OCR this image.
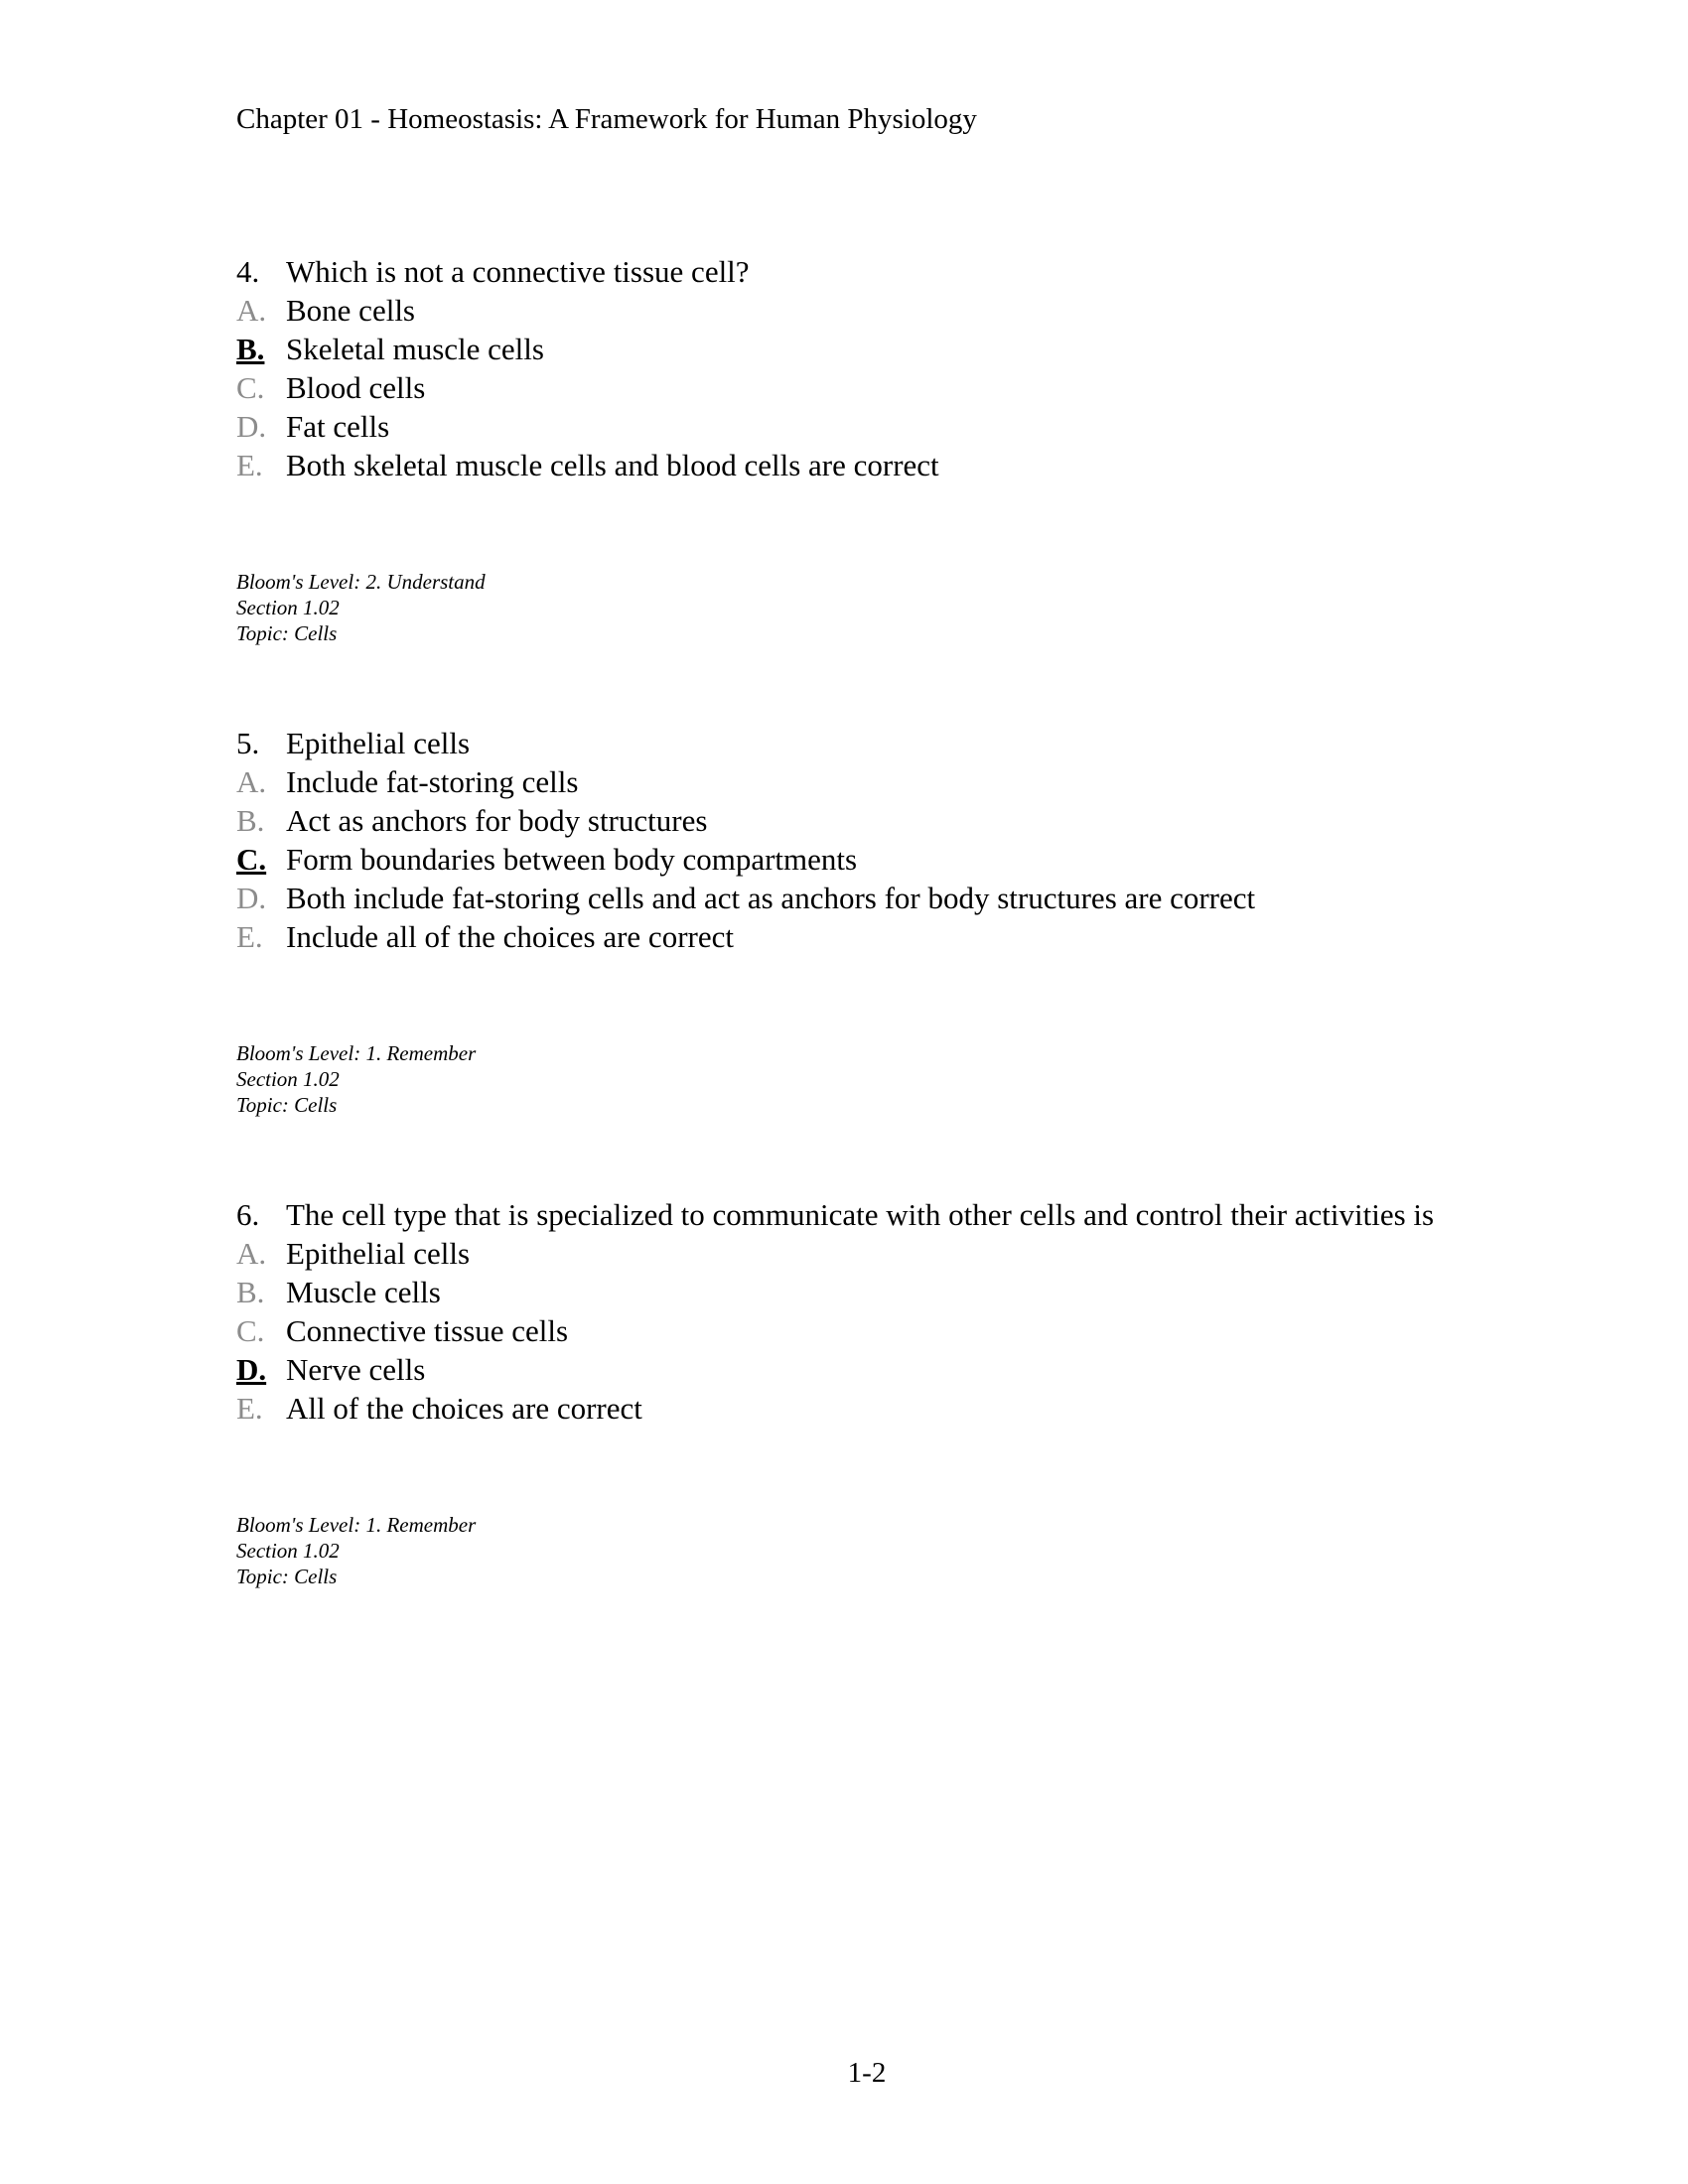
Chapter 01 - Homeostasis: A Framework for Human Physiology

4. Which is not a connective tissue cell?

A. Bone cells
B. Skeletal muscle cells
C. Blood cells
D. Fat cells
E. Both skeletal muscle cells and blood cells are correct
Bloom's Level: 2. Understand
Section 1.02
Topic: Cells

5. Epithelial cells

A. Include fat-storing cells
B. Act as anchors for body structures
C. Form boundaries between body compartments
D. Both include fat-storing cells and act as anchors for body structures are correct
E. Include all of the choices are correct
Bloom's Level: 1. Remember
Section 1.02
Topic: Cells

6. The cell type that is specialized to communicate with other cells and control their activities is

A. Epithelial cells
B. Muscle cells
C. Connective tissue cells
D. Nerve cells
E. All of the choices are correct
Bloom's Level: 1. Remember
Section 1.02
Topic: Cells
1-2
